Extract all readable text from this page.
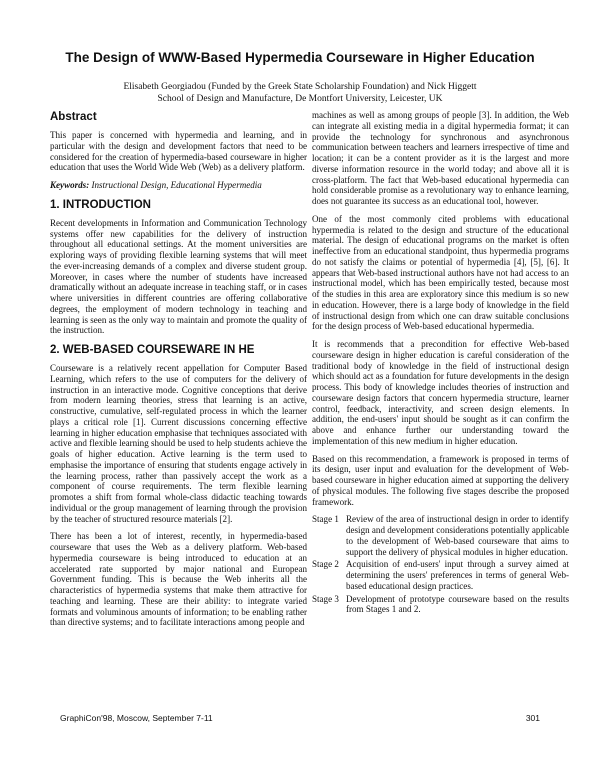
The Design of WWW-Based Hypermedia Courseware in Higher Education
Elisabeth Georgiadou (Funded by the Greek State Scholarship Foundation) and Nick Higgett
School of Design and Manufacture, De Montfort University, Leicester, UK
Abstract

This paper is concerned with hypermedia and learning, and in particular with the design and development factors that need to be considered for the creation of hypermedia-based courseware in higher education that uses the World Wide Web (Web) as a delivery platform.

Keywords: Instructional Design, Educational Hypermedia

1. INTRODUCTION

Recent developments in Information and Communication Technology systems offer new capabilities for the delivery of instruction throughout all educational settings. At the moment universities are exploring ways of providing flexible learning systems that will meet the ever-increasing demands of a complex and diverse student group. Moreover, in cases where the number of students have increased dramatically without an adequate increase in teaching staff, or in cases where universities in different countries are offering collaborative degrees, the employment of modern technology in teaching and learning is seen as the only way to maintain and promote the quality of the instruction.

2. WEB-BASED COURSEWARE IN HE

Courseware is a relatively recent appellation for Computer Based Learning, which refers to the use of computers for the delivery of instruction in an interactive mode. Cognitive conceptions that derive from modern learning theories, stress that learning is an active, constructive, cumulative, self-regulated process in which the learner plays a critical role [1]. Current discussions concerning effective learning in higher education emphasise that techniques associated with active and flexible learning should be used to help students achieve the goals of higher education. Active learning is the term used to emphasise the importance of ensuring that students engage actively in the learning process, rather than passively accept the work as a component of course requirements. The term flexible learning promotes a shift from formal whole-class didactic teaching towards individual or the group management of learning through the provision by the teacher of structured resource materials [2].

There has been a lot of interest, recently, in hypermedia-based courseware that uses the Web as a delivery platform. Web-based hypermedia courseware is being introduced to education at an accelerated rate supported by major national and European Government funding. This is because the Web inherits all the characteristics of hypermedia systems that make them attractive for teaching and learning. These are their ability: to integrate varied formats and voluminous amounts of information; to be enabling rather than directive systems; and to facilitate interactions among people and

machines as well as among groups of people [3]. In addition, the Web can integrate all existing media in a digital hypermedia format; it can provide the technology for synchronous and asynchronous communication between teachers and learners irrespective of time and location; it can be a content provider as it is the largest and more diverse information resource in the world today; and above all it is cross-platform. The fact that Web-based educational hypermedia can hold considerable promise as a revolutionary way to enhance learning, does not guarantee its success as an educational tool, however.

One of the most commonly cited problems with educational hypermedia is related to the design and structure of the educational material. The design of educational programs on the market is often ineffective from an educational standpoint, thus hypermedia programs do not satisfy the claims or potential of hypermedia [4], [5], [6]. It appears that Web-based instructional authors have not had access to an instructional model, which has been empirically tested, because most of the studies in this area are exploratory since this medium is so new in education. However, there is a large body of knowledge in the field of instructional design from which one can draw suitable conclusions for the design process of Web-based educational hypermedia.

It is recommends that a precondition for effective Web-based courseware design in higher education is careful consideration of the traditional body of knowledge in the field of instructional design which should act as a foundation for future developments in the design process. This body of knowledge includes theories of instruction and courseware design factors that concern hypermedia structure, learner control, feedback, interactivity, and screen design elements. In addition, the end-users' input should be sought as it can confirm the above and enhance further our understanding toward the implementation of this new medium in higher education.

Based on this recommendation, a framework is proposed in terms of its design, user input and evaluation for the development of Web-based courseware in higher education aimed at supporting the delivery of physical modules. The following five stages describe the proposed framework.

Stage 1 Review of the area of instructional design in order to identify design and development considerations potentially applicable to the development of Web-based courseware that aims to support the delivery of physical modules in higher education.
Stage 2 Acquisition of end-users' input through a survey aimed at determining the users' preferences in terms of general Web-based educational design practices.
Stage 3 Development of prototype courseware based on the results from Stages 1 and 2.
GraphiCon'98, Moscow, September 7-11	301
